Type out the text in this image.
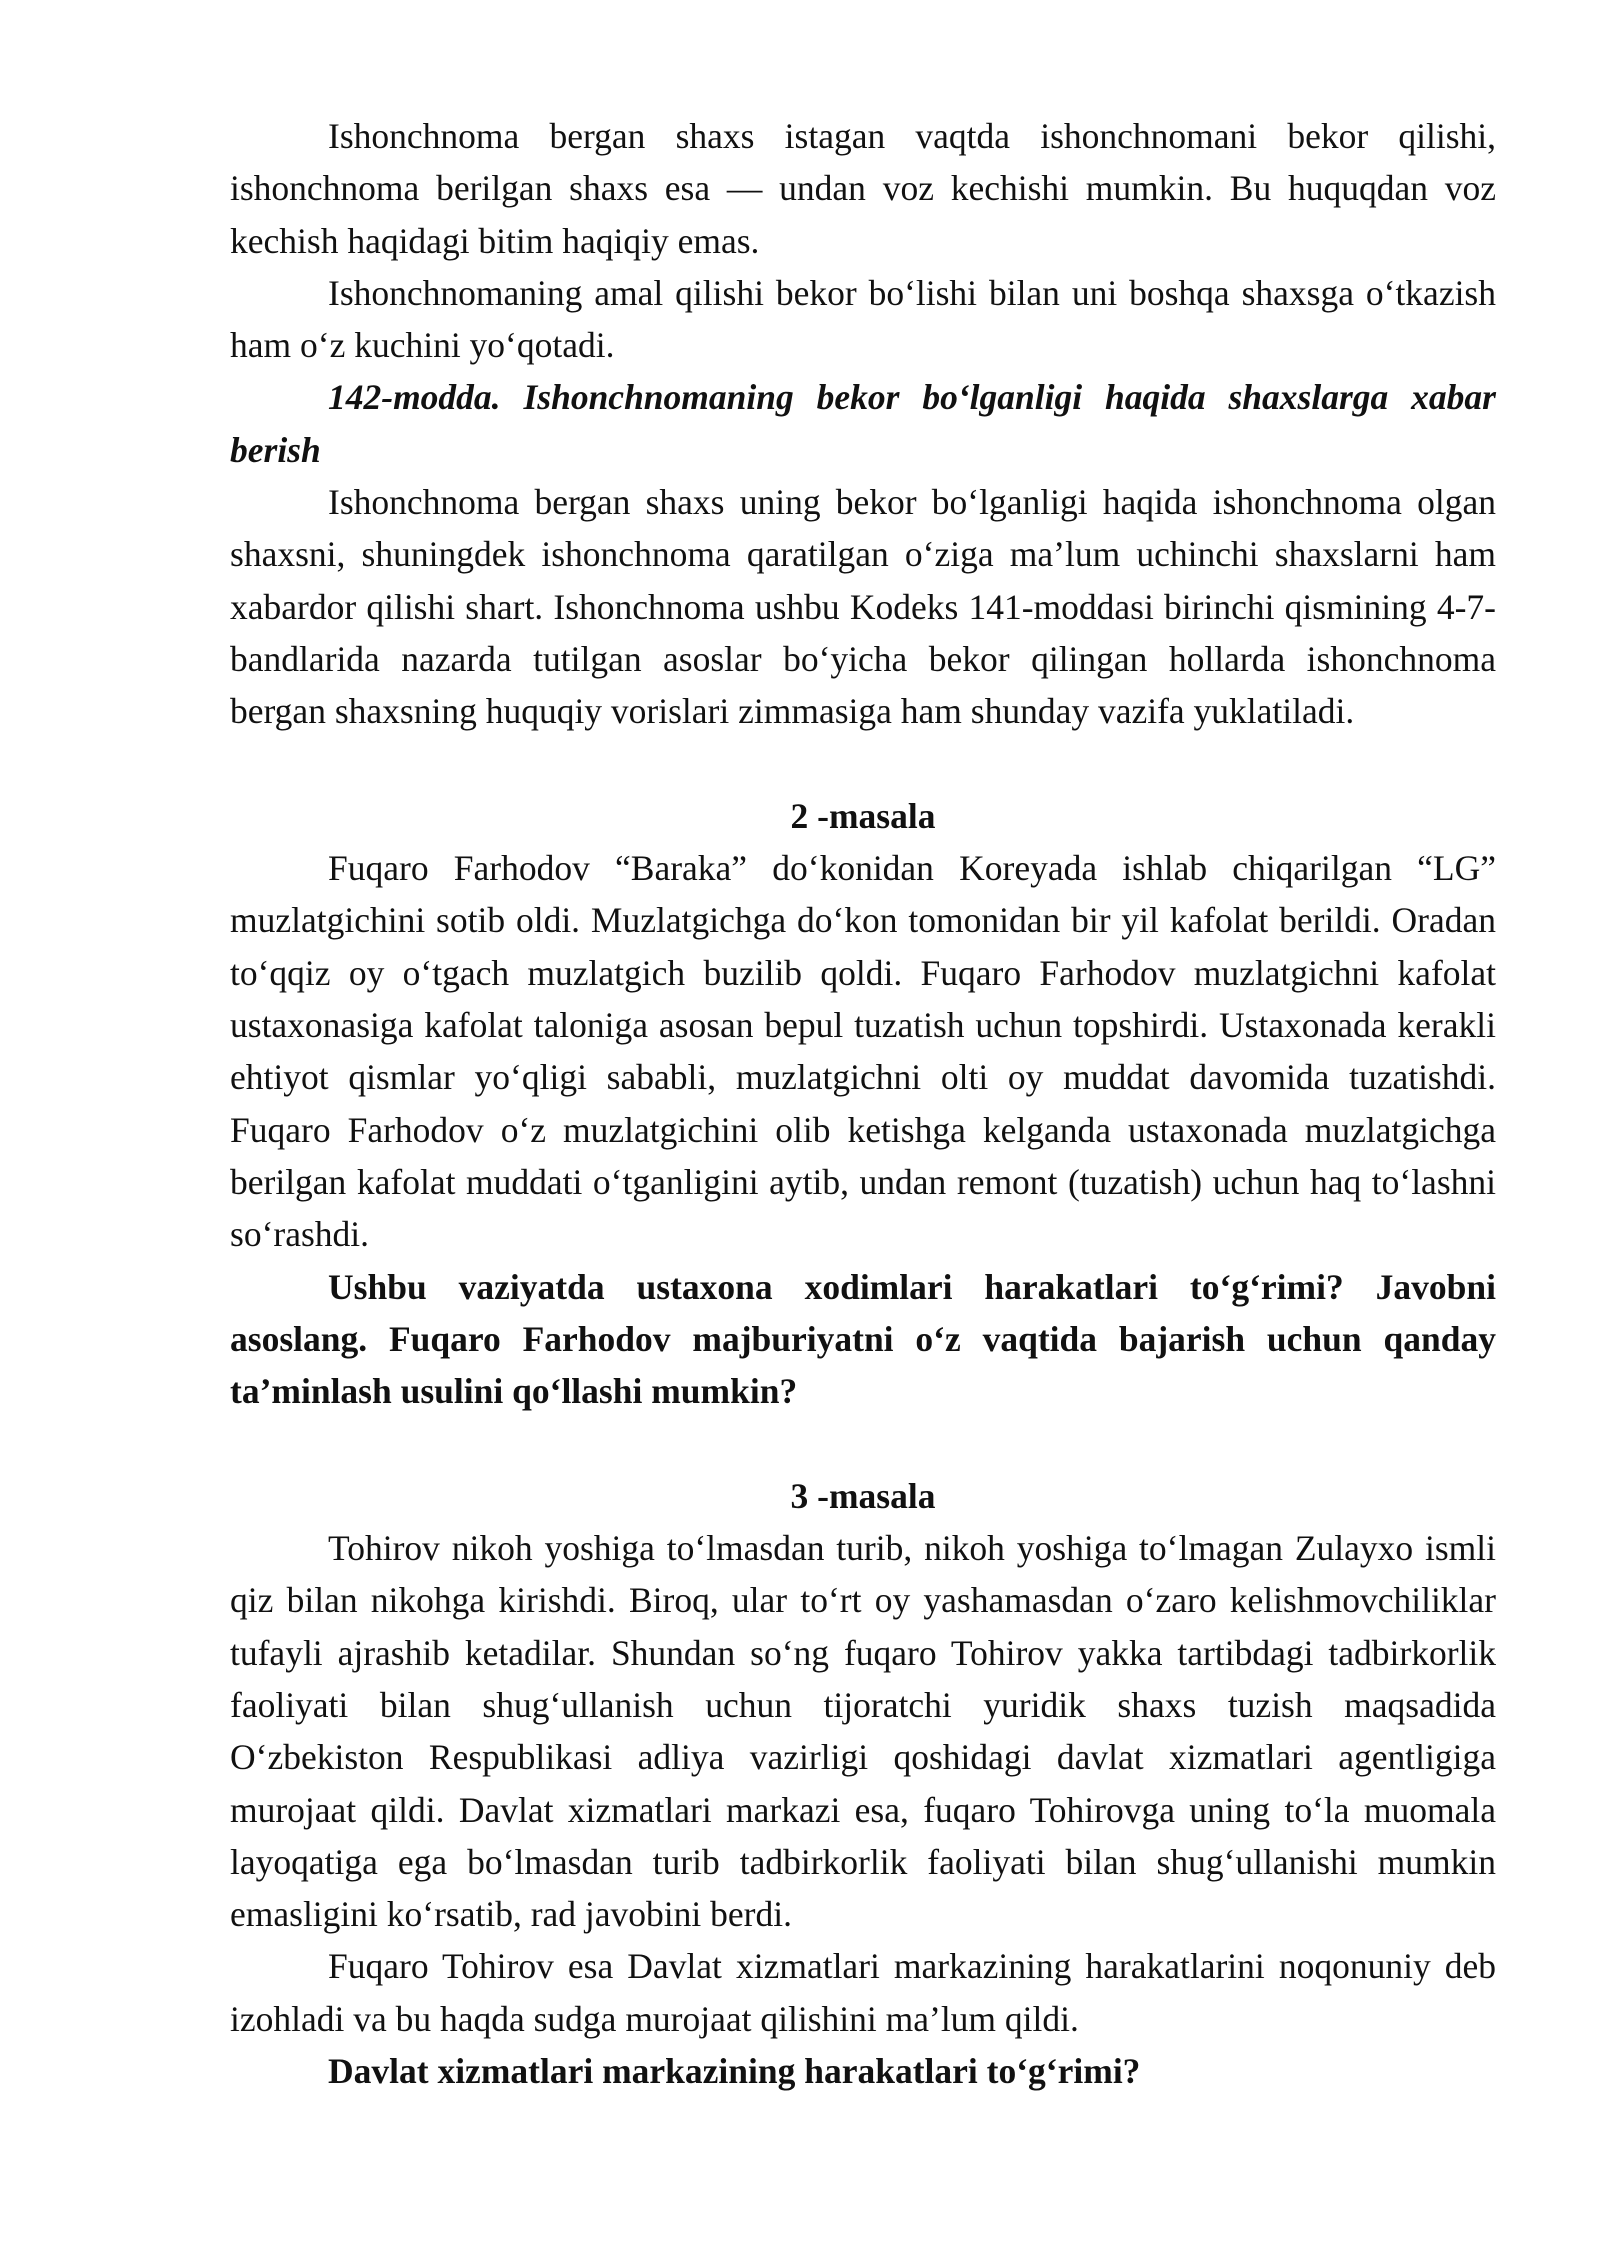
Ishonchnoma bergan shaxs istagan vaqtda ishonchnomani bekor qilishi, ishonchnoma berilgan shaxs esa — undan voz kechishi mumkin. Bu huquqdan voz kechish haqidagi bitim haqiqiy emas.

Ishonchnomaning amal qilishi bekor bo‘lishi bilan uni boshqa shaxsga o‘tkazish ham o‘z kuchini yo‘qotadi.

142-modda. Ishonchnomaning bekor bo‘lganligi haqida shaxslarga xabar berish

Ishonchnoma bergan shaxs uning bekor bo‘lganligi haqida ishonchnoma olgan shaxsni, shuningdek ishonchnoma qaratilgan o‘ziga ma’lum uchinchi shaxslarni ham xabardor qilishi shart. Ishonchnoma ushbu Kodeks 141-moddasi birinchi qismining 4-7-bandlarida nazarda tutilgan asoslar bo‘yicha bekor qilingan hollarda ishonchnoma bergan shaxsning huquqiy vorislari zimmasiga ham shunday vazifa yuklatiladi.

2 -masala

Fuqaro Farhodov “Baraka” do‘konidan Koreyada ishlab chiqarilgan “LG” muzlatgichini sotib oldi. Muzlatgichga do‘kon tomonidan bir yil kafolat berildi. Oradan to‘qqiz oy o‘tgach muzlatgich buzilib qoldi. Fuqaro Farhodov muzlatgichni kafolat ustaxonasiga kafolat taloniga asosan bepul tuzatish uchun topshirdi. Ustaxonada kerakli ehtiyot qismlar yo‘qligi sababli, muzlatgichni olti oy muddat davomida tuzatishdi. Fuqaro Farhodov o‘z muzlatgichini olib ketishga kelganda ustaxonada muzlatgichga berilgan kafolat muddati o‘tganligini aytib, undan remont (tuzatish) uchun haq to‘lashni so‘rashdi.

Ushbu vaziyatda ustaxona xodimlari harakatlari to‘g‘rimi? Javobni asoslang. Fuqaro Farhodov majburiyatni o‘z vaqtida bajarish uchun qanday ta’minlash usulini qo‘llashi mumkin?

3 -masala

Tohirov nikoh yoshiga to‘lmasdan turib, nikoh yoshiga to‘lmagan Zulayxo ismli qiz bilan nikohga kirishdi. Biroq, ular to‘rt oy yashamasdan o‘zaro kelishmovchiliklar tufayli ajrashib ketadilar. Shundan so‘ng fuqaro Tohirov yakka tartibdagi tadbirkorlik faoliyati bilan shug‘ullanish uchun tijoratchi yuridik shaxs tuzish maqsadida O‘zbekiston Respublikasi adliya vazirligi qoshidagi davlat xizmatlari agentligiga murojaat qildi. Davlat xizmatlari markazi esa, fuqaro Tohirovga uning to‘la muomala layoqatiga ega bo‘lmasdan turib tadbirkorlik faoliyati bilan shug‘ullanishi mumkin emasligini ko‘rsatib, rad javobini berdi.

Fuqaro Tohirov esa Davlat xizmatlari markazining harakatlarini noqonuniy deb izohladi va bu haqda sudga murojaat qilishini ma’lum qildi.

Davlat xizmatlari markazining harakatlari to‘g‘rimi?
